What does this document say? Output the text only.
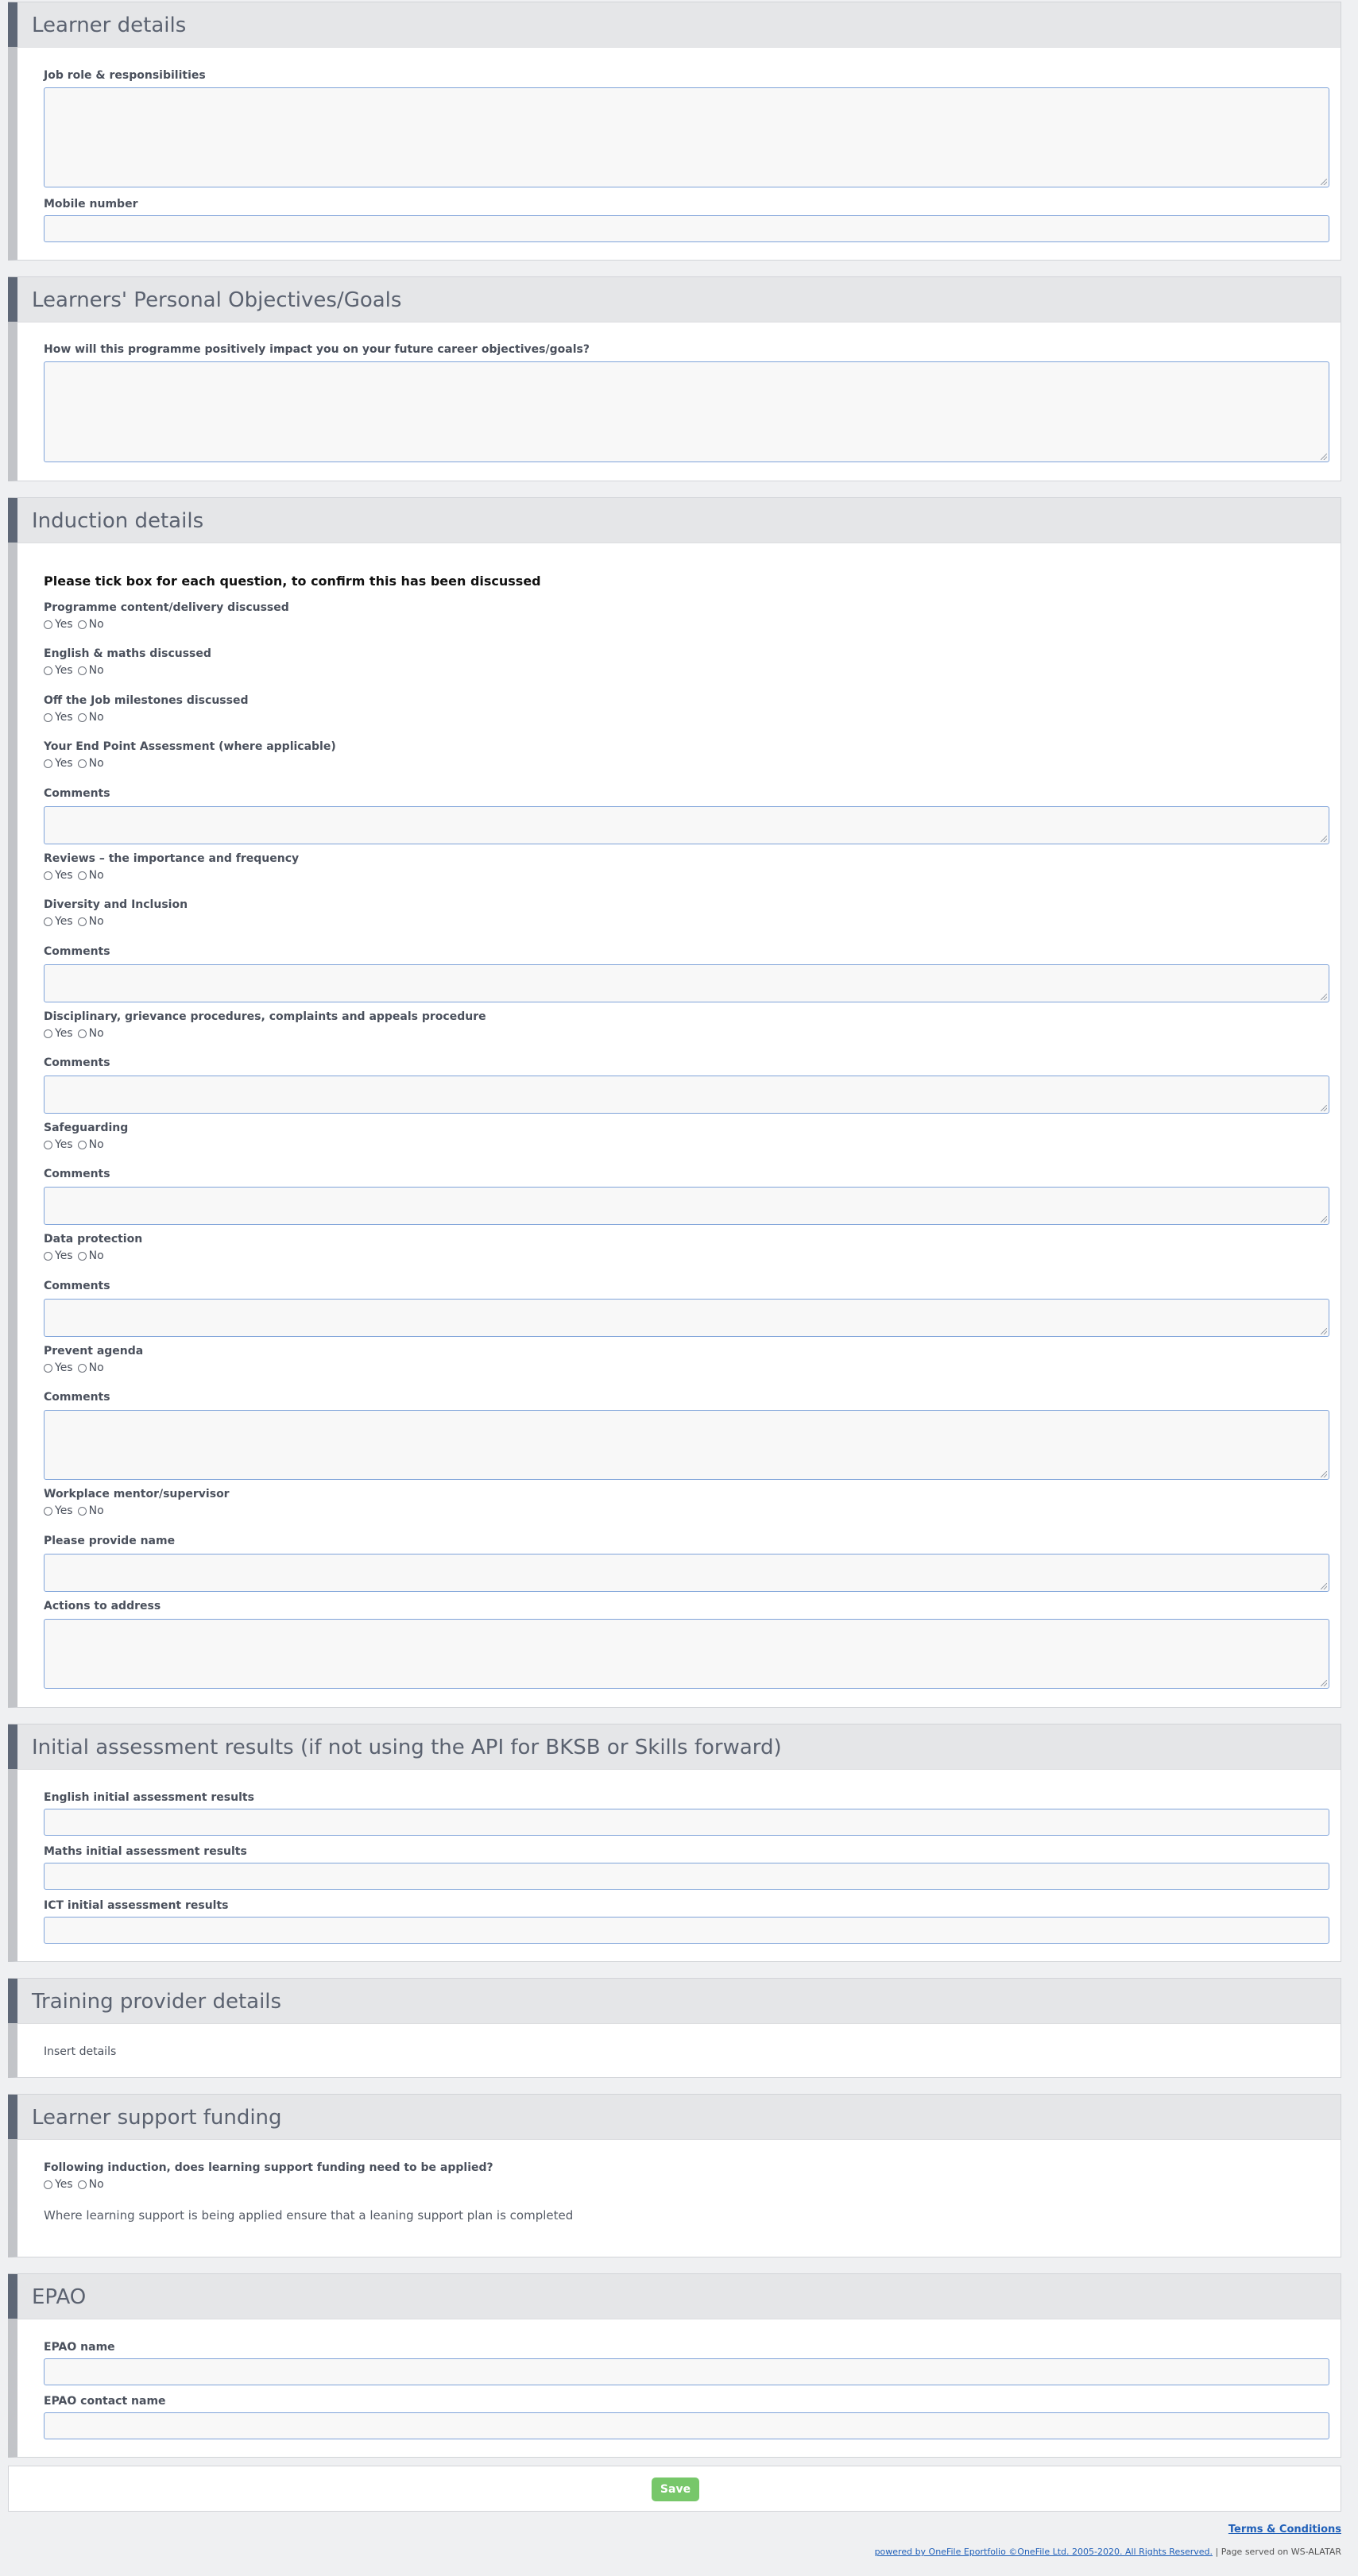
Learner details
Job role & responsibilities
Mobile number
Learners' Personal Objectives/Goals
How will this programme positively impact you on your future career objectives/goals?
Induction details
Please tick box for each question, to confirm this has been discussed
Programme content/delivery discussed
Yes No
English & maths discussed
Yes No
Off the Job milestones discussed
Yes No
Your End Point Assessment (where applicable)
Yes No
Comments
Reviews – the importance and frequency
Yes No
Diversity and Inclusion
Yes No
Comments
Disciplinary, grievance procedures, complaints and appeals procedure
Yes No
Comments
Safeguarding
Yes No
Comments
Data protection
Yes No
Comments
Prevent agenda
Yes No
Comments
Workplace mentor/supervisor
Yes No
Please provide name
Actions to address
Initial assessment results (if not using the API for BKSB or Skills forward)
English initial assessment results
Maths initial assessment results
ICT initial assessment results
Training provider details
Insert details
Learner support funding
Following induction, does learning support funding need to be applied?
Yes No
Where learning support is being applied ensure that a leaning support plan is completed
EPAO
EPAO name
EPAO contact name
Save
Terms & Conditions
powered by OneFile Eportfolio ©OneFile Ltd. 2005-2020. All Rights Reserved. | Page served on WS-ALATAR
